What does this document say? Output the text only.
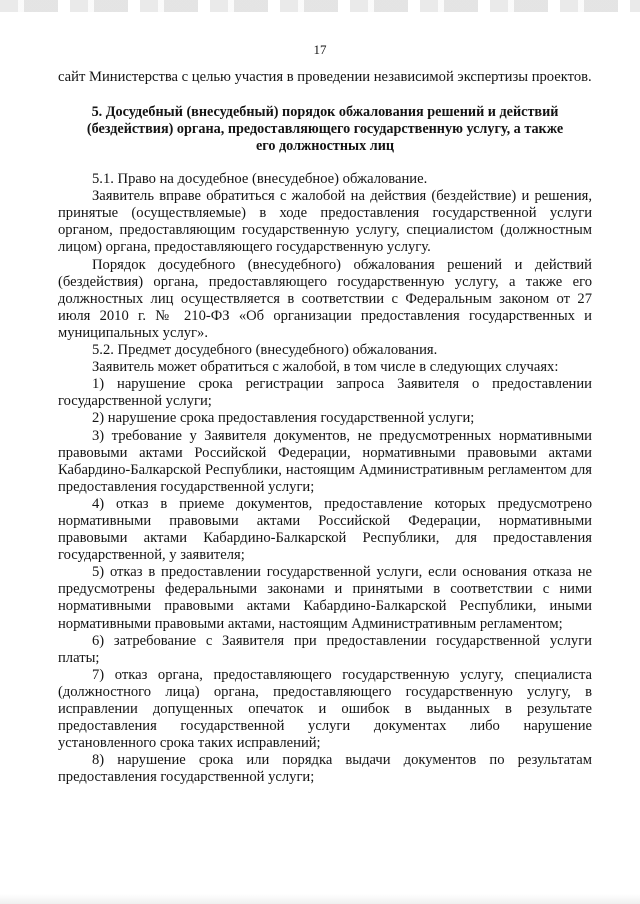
17

сайт Министерства с целью участия в проведении независимой экспертизы проектов.

5. Досудебный (внесудебный) порядок обжалования решений и действий (бездействия) органа, предоставляющего государственную услугу, а также его должностных лиц

5.1. Право на досудебное (внесудебное) обжалование.

Заявитель вправе обратиться с жалобой на действия (бездействие) и решения, принятые (осуществляемые) в ходе предоставления государственной услуги органом, предоставляющим государственную услугу, специалистом (должностным лицом) органа, предоставляющего государственную услугу.

Порядок досудебного (внесудебного) обжалования решений и действий (бездействия) органа, предоставляющего государственную услугу, а также его должностных лиц осуществляется в соответствии с Федеральным законом от 27 июля 2010 г. № 210-ФЗ «Об организации предоставления государственных и муниципальных услуг».

5.2. Предмет досудебного (внесудебного) обжалования.

Заявитель может обратиться с жалобой, в том числе в следующих случаях:

1) нарушение срока регистрации запроса Заявителя о предоставлении государственной услуги;

2) нарушение срока предоставления государственной услуги;

3) требование у Заявителя документов, не предусмотренных нормативными правовыми актами Российской Федерации, нормативными правовыми актами Кабардино-Балкарской Республики, настоящим Административным регламентом для предоставления государственной услуги;

4) отказ в приеме документов, предоставление которых предусмотрено нормативными правовыми актами Российской Федерации, нормативными правовыми актами Кабардино-Балкарской Республики, для предоставления государственной, у заявителя;

5) отказ в предоставлении государственной услуги, если основания отказа не предусмотрены федеральными законами и принятыми в соответствии с ними нормативными правовыми актами Кабардино-Балкарской Республики, иными нормативными правовыми актами, настоящим Административным регламентом;

6) затребование с Заявителя при предоставлении государственной услуги платы;

7) отказ органа, предоставляющего государственную услугу, специалиста (должностного лица) органа, предоставляющего государственную услугу, в исправлении допущенных опечаток и ошибок в выданных в результате предоставления государственной услуги документах либо нарушение установленного срока таких исправлений;

8) нарушение срока или порядка выдачи документов по результатам предоставления государственной услуги;
